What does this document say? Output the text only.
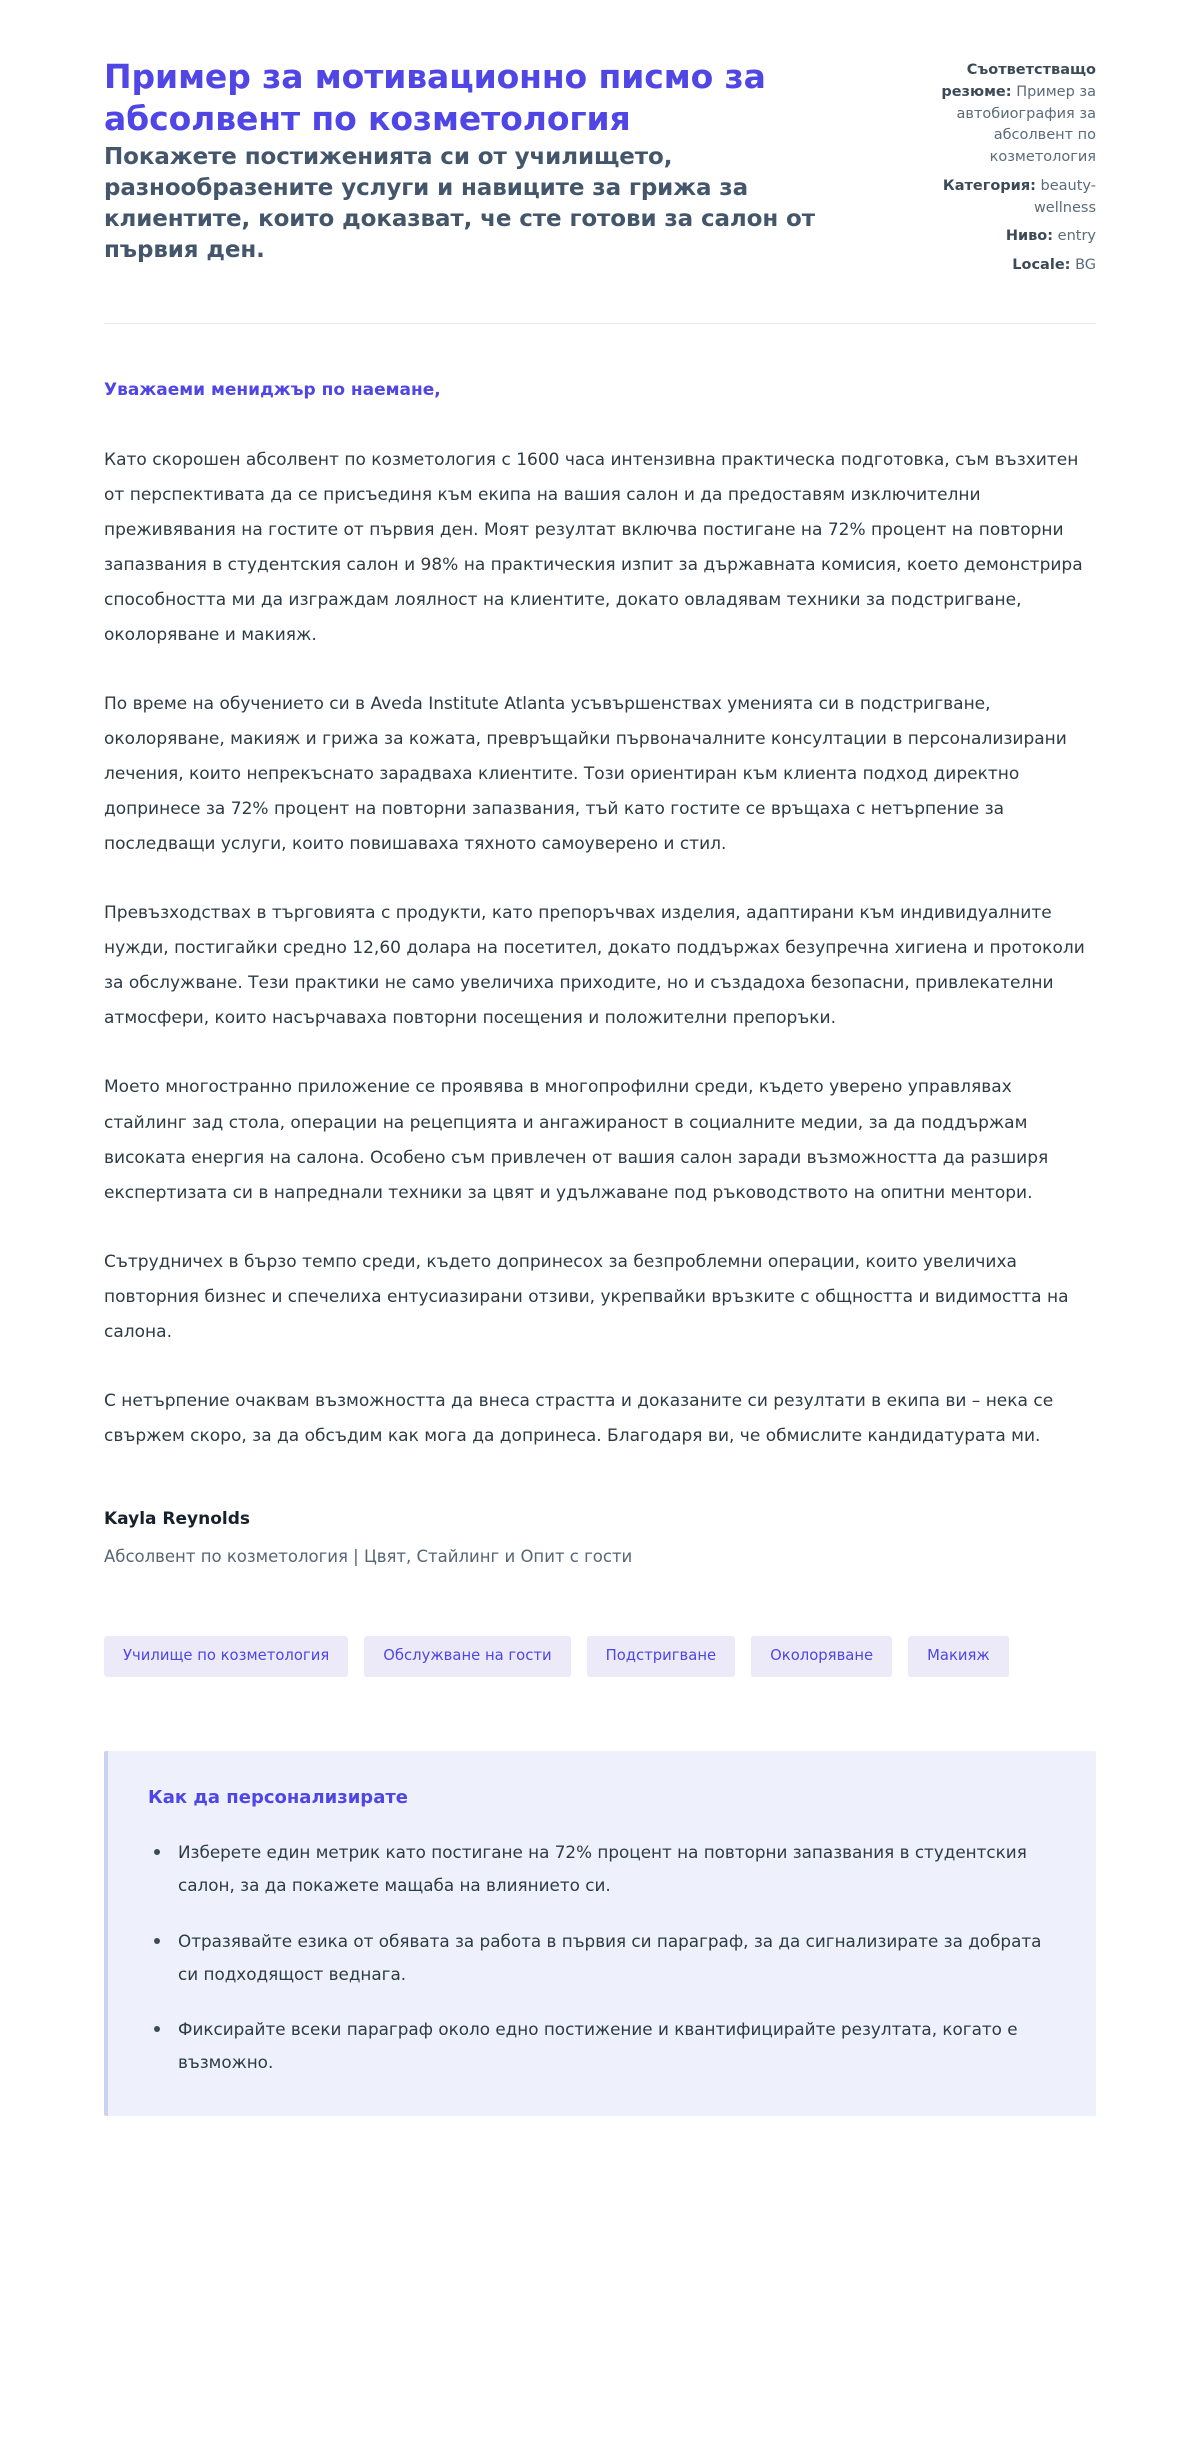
Пример за мотивационно писмо за абсолвент по козметология

Покажете постиженията си от училището, разнообразените услуги и навиците за грижа за клиентите, които доказват, че сте готови за салон от първия ден.

Съответстващо резюме: Пример за автобиография за абсолвент по козметология
Категория: beauty-wellness
Ниво: entry
Locale: BG

Уважаеми мениджър по наемане,

Като скорошен абсолвент по козметология с 1600 часа интензивна практическа подготовка, съм възхитен от перспективата да се присъединя към екипа на вашия салон и да предоставям изключителни преживявания на гостите от първия ден. Моят резултат включва постигане на 72% процент на повторни запазвания в студентския салон и 98% на практическия изпит за държавната комисия, което демонстрира способността ми да изграждам лоялност на клиентите, докато овладявам техники за подстригване, околоряване и макияж.

По време на обучението си в Aveda Institute Atlanta усъвършенствах уменията си в подстригване, околоряване, макияж и грижа за кожата, превръщайки първоначалните консултации в персонализирани лечения, които непрекъснато зарадваха клиентите. Този ориентиран към клиента подход директно допринесе за 72% процент на повторни запазвания, тъй като гостите се връщаха с нетърпение за последващи услуги, които повишаваха тяхното самоуверено и стил.

Превъзходствах в търговията с продукти, като препоръчвах изделия, адаптирани към индивидуалните нужди, постигайки средно 12,60 долара на посетител, докато поддържах безупречна хигиена и протоколи за обслужване. Тези практики не само увеличиха приходите, но и създадоха безопасни, привлекателни атмосфери, които насърчаваха повторни посещения и положителни препоръки.

Моето многостранно приложение се проявява в многопрофилни среди, където уверено управлявах стайлинг зад стола, операции на рецепцията и ангажираност в социалните медии, за да поддържам високата енергия на салона. Особено съм привлечен от вашия салон заради възможността да разширя експертизата си в напреднали техники за цвят и удължаване под ръководството на опитни ментори.

Сътрудничех в бързо темпо среди, където допринесох за безпроблемни операции, които увеличиха повторния бизнес и спечелиха ентусиазирани отзиви, укрепвайки връзките с общността и видимостта на салона.

С нетърпение очаквам възможността да внеса страстта и доказаните си резултати в екипа ви – нека се свържем скоро, за да обсъдим как мога да допринеса. Благодаря ви, че обмислите кандидатурата ми.

Kayla Reynolds

Абсолвент по козметология | Цвят, Стайлинг и Опит с гости

Училище по козметология	Обслужване на гости	Подстригване	Околоряване	Макияж
Как да персонализирате
Изберете един метрик като постигане на 72% процент на повторни запазвания в студентския салон, за да покажете мащаба на влиянието си.
Отразявайте езика от обявата за работа в първия си параграф, за да сигнализирате за добрата си подходящост веднага.
Фиксирайте всеки параграф около едно постижение и квантифицирайте резултата, когато е възможно.
